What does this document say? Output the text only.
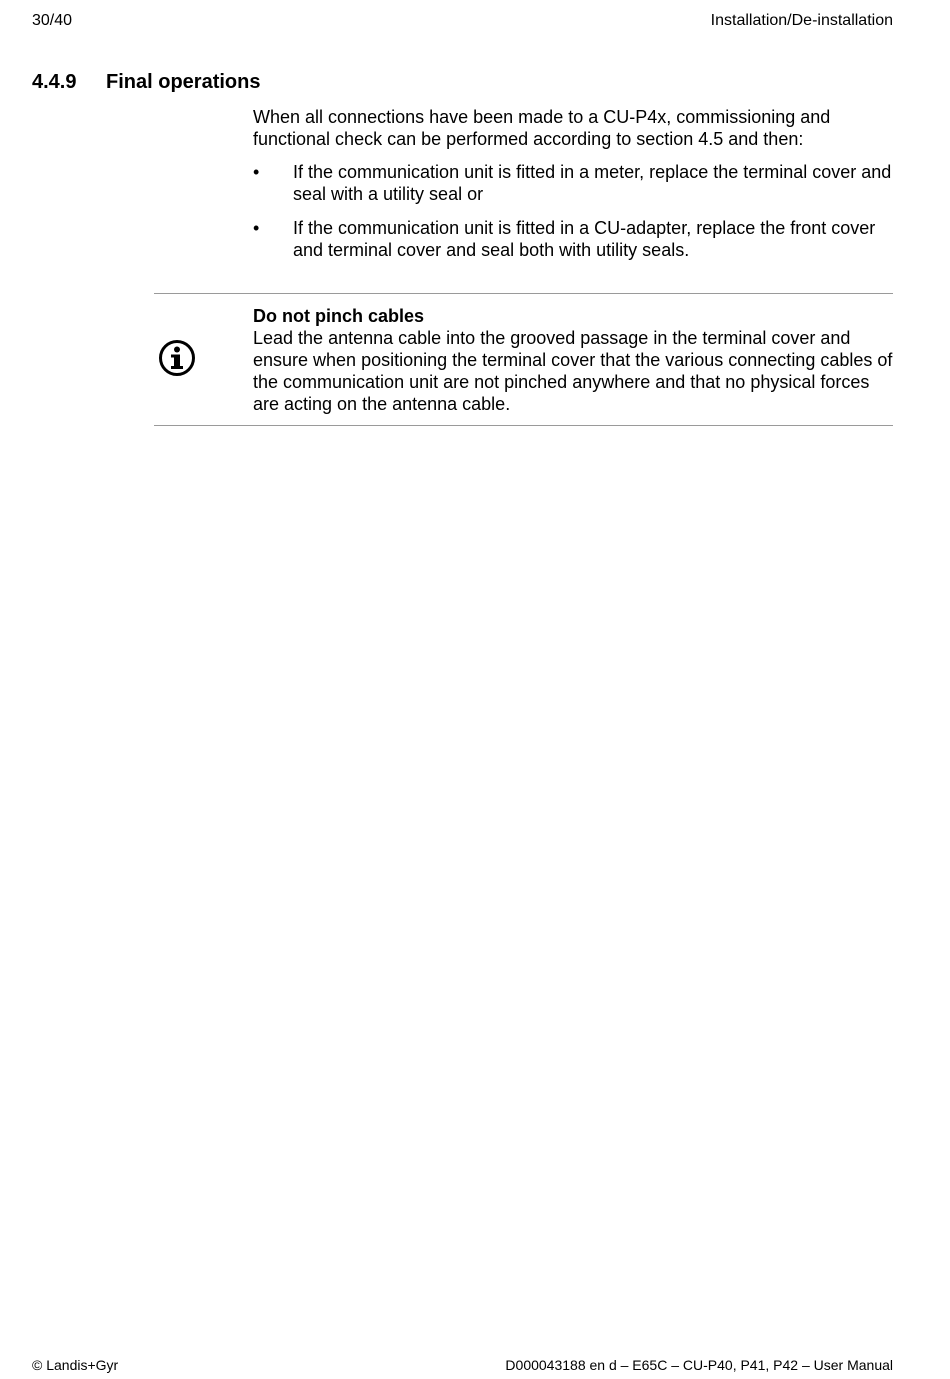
30/40	Installation/De-installation
4.4.9 Final operations
When all connections have been made to a CU-P4x, commissioning and functional check can be performed according to section 4.5 and then:
•	If the communication unit is fitted in a meter, replace the terminal cover and seal with a utility seal or
•	If the communication unit is fitted in a CU-adapter, replace the front cover and terminal cover and seal both with utility seals.
Do not pinch cables
Lead the antenna cable into the grooved passage in the terminal cover and ensure when positioning the terminal cover that the various connecting cables of the communication unit are not pinched anywhere and that no physical forces are acting on the antenna cable.
© Landis+Gyr	D000043188 en d – E65C – CU-P40, P41, P42 – User Manual
